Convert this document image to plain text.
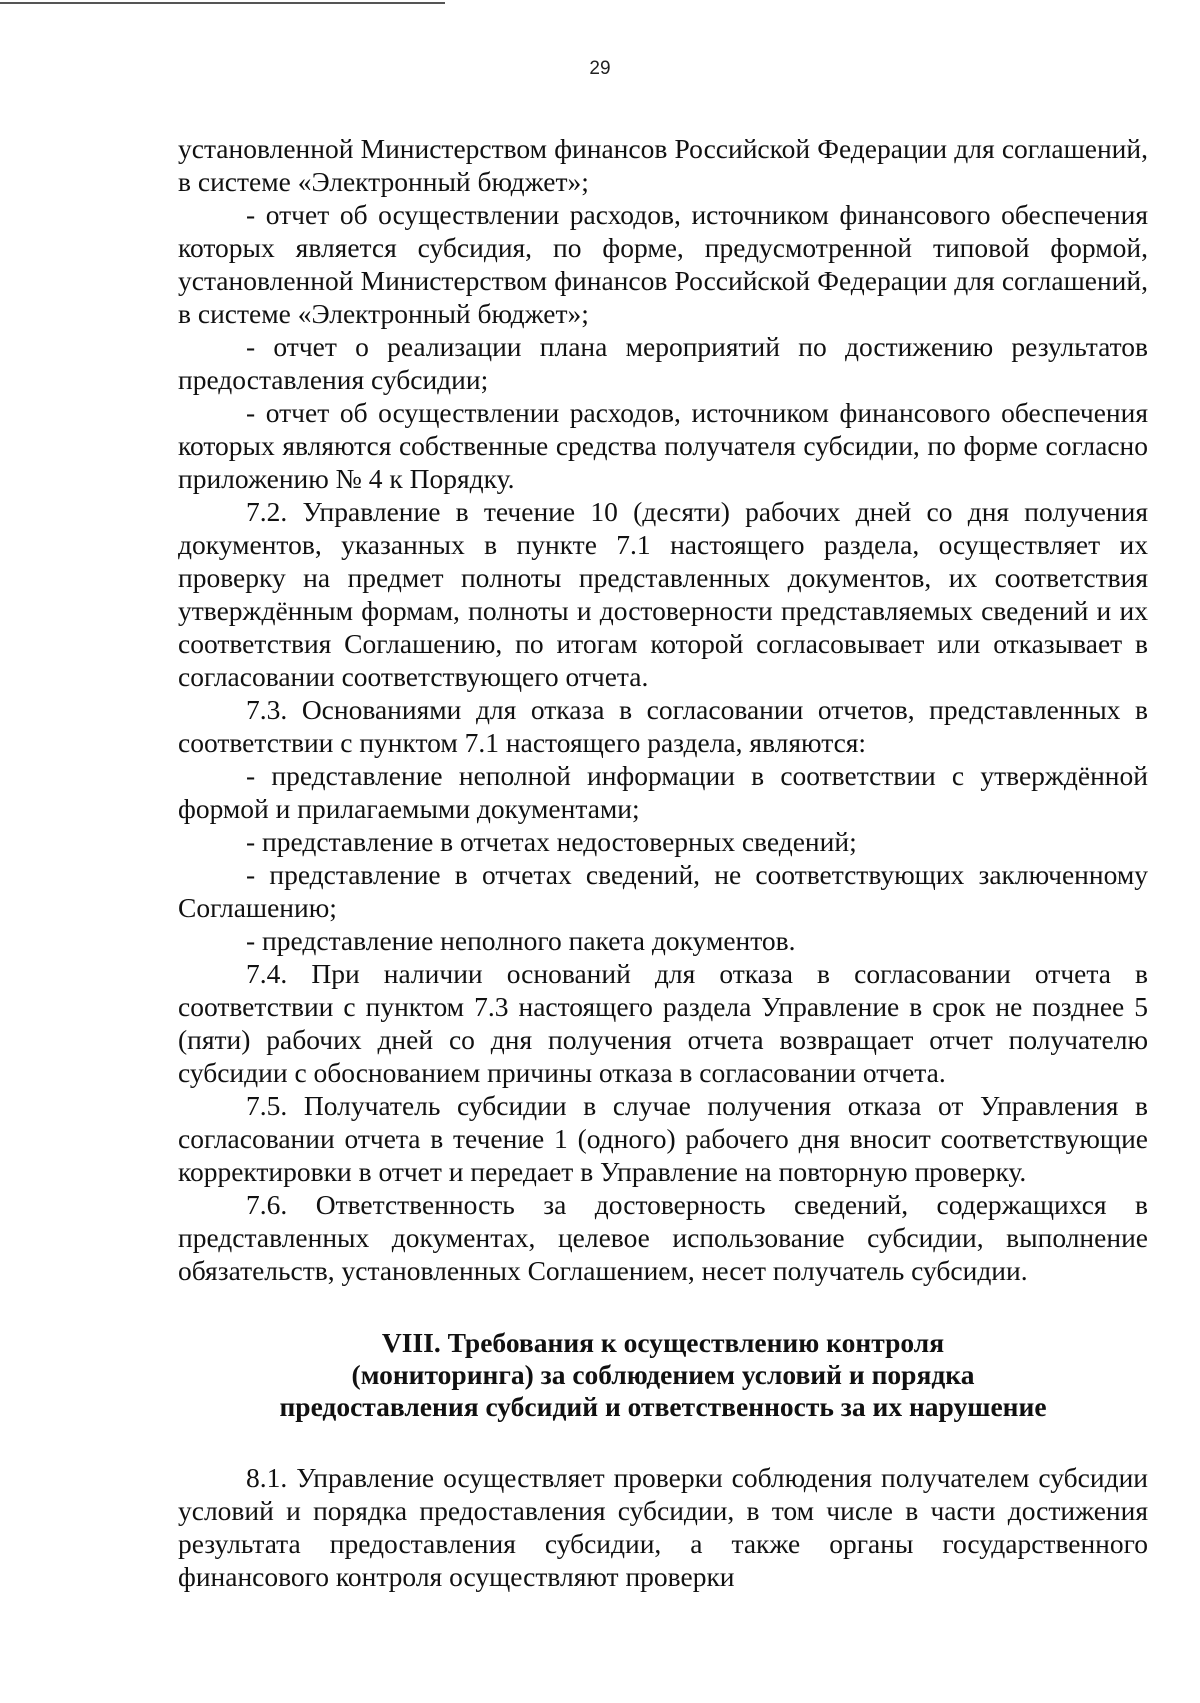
29

установленной Министерством финансов Российской Федерации для соглашений, в системе «Электронный бюджет»;

- отчет об осуществлении расходов, источником финансового обеспечения которых является субсидия, по форме, предусмотренной типовой формой, установленной Министерством финансов Российской Федерации для соглашений, в системе «Электронный бюджет»;

- отчет о реализации плана мероприятий по достижению результатов предоставления субсидии;

- отчет об осуществлении расходов, источником финансового обеспечения которых являются собственные средства получателя субсидии, по форме согласно приложению № 4 к Порядку.

7.2. Управление в течение 10 (десяти) рабочих дней со дня получения документов, указанных в пункте 7.1 настоящего раздела, осуществляет их проверку на предмет полноты представленных документов, их соответствия утверждённым формам, полноты и достоверности представляемых сведений и их соответствия Соглашению, по итогам которой согласовывает или отказывает в согласовании соответствующего отчета.

7.3. Основаниями для отказа в согласовании отчетов, представленных в соответствии с пунктом 7.1 настоящего раздела, являются:

- представление неполной информации в соответствии с утверждённой формой и прилагаемыми документами;

- представление в отчетах недостоверных сведений;

- представление в отчетах сведений, не соответствующих заключенному Соглашению;

- представление неполного пакета документов.

7.4. При наличии оснований для отказа в согласовании отчета в соответствии с пунктом 7.3 настоящего раздела Управление в срок не позднее 5 (пяти) рабочих дней со дня получения отчета возвращает отчет получателю субсидии с обоснованием причины отказа в согласовании отчета.

7.5. Получатель субсидии в случае получения отказа от Управления в согласовании отчета в течение 1 (одного) рабочего дня вносит соответствующие корректировки в отчет и передает в Управление на повторную проверку.

7.6. Ответственность за достоверность сведений, содержащихся в представленных документах, целевое использование субсидии, выполнение обязательств, установленных Соглашением, несет получатель субсидии.

VIII. Требования к осуществлению контроля
(мониторинга) за соблюдением условий и порядка
предоставления субсидий и ответственность за их нарушение

8.1. Управление осуществляет проверки соблюдения получателем субсидии условий и порядка предоставления субсидии, в том числе в части достижения результата предоставления субсидии, а также органы государственного финансового контроля осуществляют проверки
